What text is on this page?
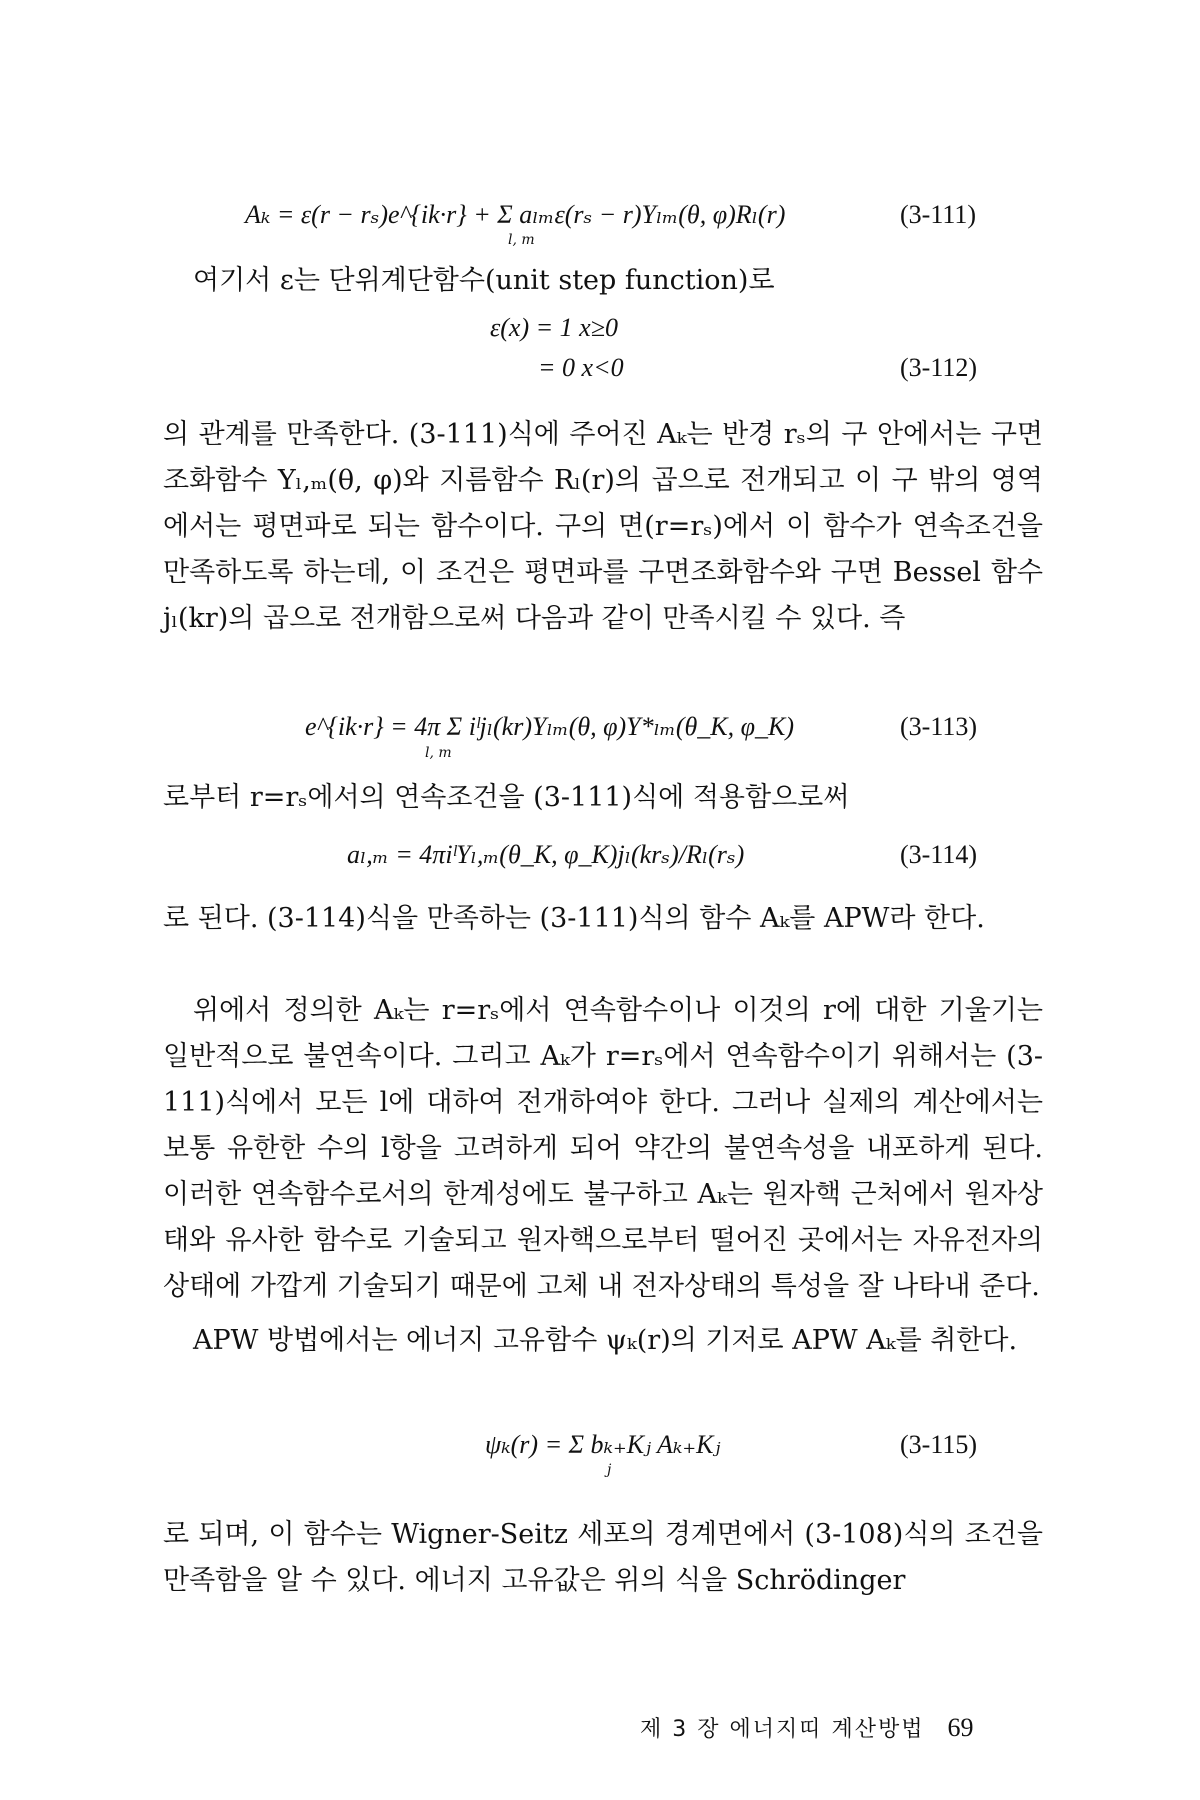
Aₖ = ε(r − rₛ)e^{ik·r} + Σ aₗₘε(rₛ − r)Yₗₘ(θ, φ)Rₗ(r)
l, m
(3-111)

여기서 ε는 단위계단함수(unit step function)로

ε(x) = 1 x≥0
= 0 x<0	(3-112)

의 관계를 만족한다. (3-111)식에 주어진 Aₖ는 반경 rₛ의 구 안에서는 구면조화함수 Yₗ,ₘ(θ, φ)와 지름함수 Rₗ(r)의 곱으로 전개되고 이 구 밖의 영역에서는 평면파로 되는 함수이다. 구의 면(r=rₛ)에서 이 함수가 연속조건을 만족하도록 하는데, 이 조건은 평면파를 구면조화함수와 구면 Bessel 함수 jₗ(kr)의 곱으로 전개함으로써 다음과 같이 만족시킬 수 있다. 즉

e^{ik·r} = 4π Σ iˡjₗ(kr)Yₗₘ(θ, φ)Y*ₗₘ(θ_K, φ_K)
l, m
(3-113)

로부터 r=rₛ에서의 연속조건을 (3-111)식에 적용함으로써

aₗ,ₘ = 4πiˡYₗ,ₘ(θ_K, φ_K)jₗ(krₛ)/Rₗ(rₛ)	(3-114)

로 된다. (3-114)식을 만족하는 (3-111)식의 함수 Aₖ를 APW라 한다.

위에서 정의한 Aₖ는 r=rₛ에서 연속함수이나 이것의 r에 대한 기울기는 일반적으로 불연속이다. 그리고 Aₖ가 r=rₛ에서 연속함수이기 위해서는 (3-111)식에서 모든 l에 대하여 전개하여야 한다. 그러나 실제의 계산에서는 보통 유한한 수의 l항을 고려하게 되어 약간의 불연속성을 내포하게 된다. 이러한 연속함수로서의 한계성에도 불구하고 Aₖ는 원자핵 근처에서 원자상태와 유사한 함수로 기술되고 원자핵으로부터 떨어진 곳에서는 자유전자의 상태에 가깝게 기술되기 때문에 고체 내 전자상태의 특성을 잘 나타내 준다.

APW 방법에서는 에너지 고유함수 ψₖ(r)의 기저로 APW Aₖ를 취한다.

ψₖ(r) = Σ bₖ₊Kⱼ Aₖ₊Kⱼ
j
(3-115)

로 되며, 이 함수는 Wigner-Seitz 세포의 경계면에서 (3-108)식의 조건을 만족함을 알 수 있다. 에너지 고유값은 위의 식을 Schrödinger

제 3 장 에너지띠 계산방법 69
